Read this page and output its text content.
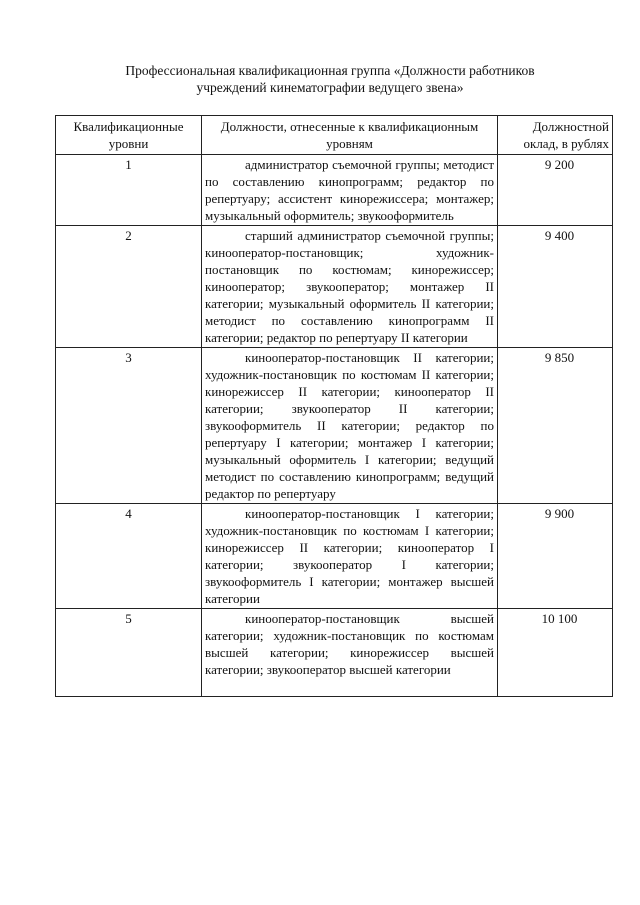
Профессиональная квалификационная группа «Должности работников
учреждений кинематографии ведущего звена»
Квалификационные уровни	Должности, отнесенные к квалификационным уровням	Должностной оклад, в рублях
1	администратор съемочной группы; методист по составлению кинопрограмм; редактор по репертуару; ассистент кинорежиссера; монтажер; музыкальный оформитель; звукооформитель	9 200
2	старший администратор съемочной группы; кинооператор-постановщик; художник-постановщик по костюмам; кинорежиссер; кинооператор; звукооператор; монтажер II категории; музыкальный оформитель II категории; методист по составлению кинопрограмм II категории; редактор по репертуару II категории	9 400
3	кинооператор-постановщик II категории; художник-постановщик по костюмам II категории; кинорежиссер II категории; кинооператор II категории; звукооператор II категории; звукооформитель II категории; редактор по репертуару I категории; монтажер I категории; музыкальный оформитель I категории; ведущий методист по составлению кинопрограмм; ведущий редактор по репертуару	9 850
4	кинооператор-постановщик I категории; художник-постановщик по костюмам I категории; кинорежиссер II категории; кинооператор I категории; звукооператор I категории; звукооформитель I категории; монтажер высшей категории	9 900
5	кинооператор-постановщик высшей категории; художник-постановщик по костюмам высшей категории; кинорежиссер высшей категории; звукооператор высшей категории	10 100
